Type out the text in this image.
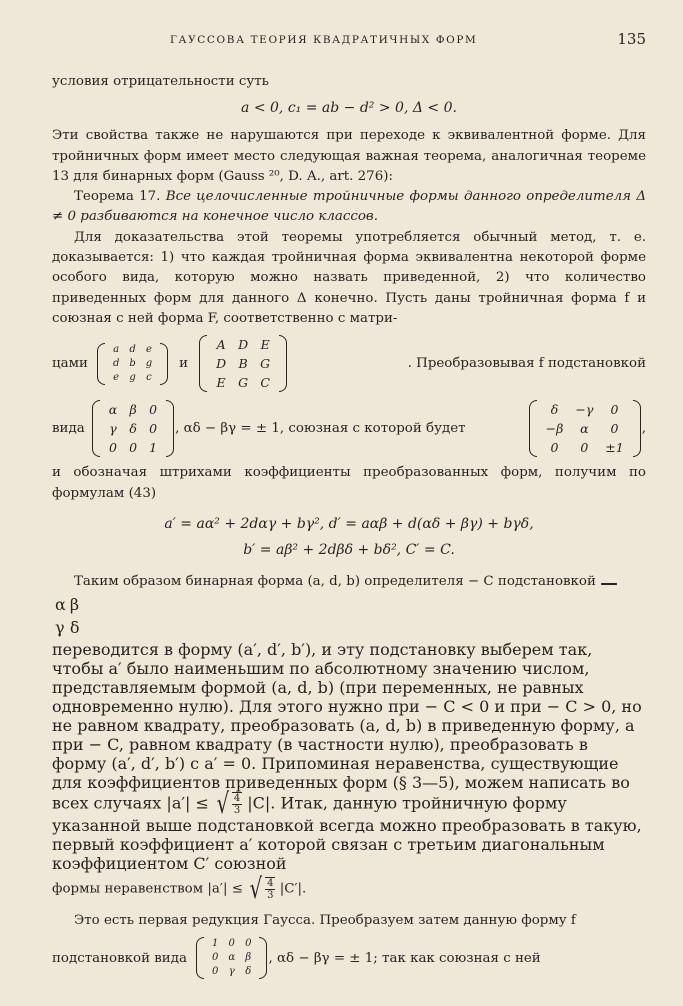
ГАУССОВА ТЕОРИЯ КВАДРАТИЧНЫХ ФОРМ	135

условия отрицательности суть

a < 0, c₁ = ab − d² > 0, Δ < 0.

Эти свойства также не нарушаются при переходе к эквивалентной форме. Для тройничных форм имеет место следующая важная теорема, аналогичная теореме 13 для бинарных форм (Gauss ²⁰, D. A., art. 276):

Теорема 17. Все целочисленные тройничные формы данного определителя Δ ≠ 0 разбиваются на конечное число классов.

Для доказательства этой теоремы употребляется обычный метод, т. е. доказывается: 1) что каждая тройничная форма эквивалентна некоторой форме особого вида, которую можно назвать приведенной, 2) что количество приведенных форм для данного Δ конечно. Пусть даны тройничная форма f и союзная с ней форма F, соответственно с матри-

цами
a	d	e
d	b	g
e	g	c
и
A	D	E
D	B	G
E	G	C
. Преобразовывая f подстановкой
вида
α	β	0
γ	δ	0
0	0	1
, αδ − βγ = ± 1, союзная с которой будет
δ	−γ	0
−β	α	0
0	0	±1
,

и обозначая штрихами коэффициенты преобразованных форм, получим по формулам (43)

a′ = aα² + 2dαγ + bγ², d′ = aαβ + d(αδ + βγ) + bγδ,
b′ = aβ² + 2dβδ + bδ², C′ = C.

Таким образом бинарная форма (a, d, b) определителя − C подстановкой

α	β
γ	δ
переводится в форму (a′, d′, b′), и эту подстановку выберем так, чтобы a′ было наименьшим по абсолютному значению числом, представляемым формой (a, d, b) (при переменных, не равных одновременно нулю). Для этого нужно при − C < 0 и при − C > 0, но не равном квадрату, преобразовать (a, d, b) в приведенную форму, а при − C, равном квадрату (в частности нулю), преобразовать в форму (a′, d′, b′) с a′ = 0. Припоминая неравенства, существующие для коэффициентов приведенных форм (§ 3—5), можем написать во всех случаях |a′| ≤ √ $\frac{4}{3} |C|$. Итак, данную тройничную форму указанной выше подстановкой всегда можно преобразовать в такую, первый коэффициент a′ которой связан с третьим диагональным коэффициентом C′ союзной

формы неравенством |a′| ≤ √ $\frac{4}{3} |C'|$.

Это есть первая редукция Гаусса. Преобразуем затем данную форму f

подстановкой вида
1	0	0
0	α	β
0	γ	δ
, αδ − βγ = ± 1; так как союзная с ней
